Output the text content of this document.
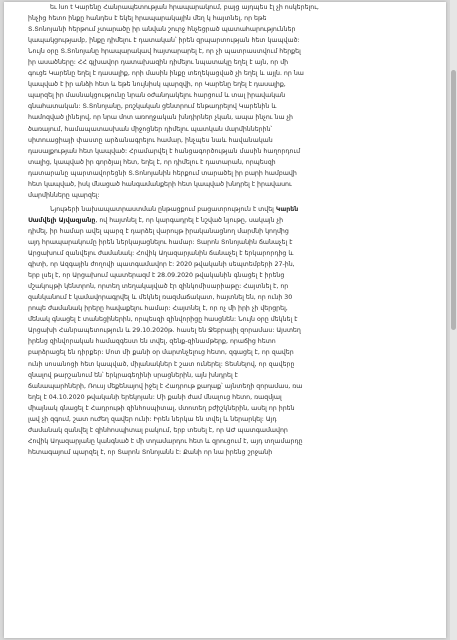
եւ lun t Կարենը Հանրապետության հրապարակում, բայց այդպես էլ չի ոսկերելու,
ինչից հետո ինքը հանդես է եկել հրապարակային մեղ կ հայտնել, որ եթե
Տ.Տոնոյանի հերթում չտարածը իր անվան շուրջ հնչեցրած պատահարություններ
կապակցությամբ, ինքը դիմելու է դատական՝ իրեն զրպարտության հետ կապված:
Նույն օրը Տ.Տոնոյանը հրապարակավ հայտարարել է, որ չի պատրաստվում հերքել
իր ասածները: ՀՀ գլխավոր դատախազին դիմելու նպատակը եղել է այն, որ մի
գուցե Կարենը եղել է դասալիք, որի մասին ինքը տեղեկացված չի եղել և այլն. որ նա
կապված է իր անձի հետ և եթե նույնիսկ պարզվի, որ Կարենը եղել է դասալիք,
պարզել իր մասնակցությունը նրան օժանդակելու հարցում և տալ իրավական
գնահատական: Տ.Տոնոյանը, բռշկական ցենտրում ենթադրելով Կարենին և
համոզված լինելով, որ նրա մոտ առողջական խնդիրներ չկան, ապա ինչու նա չի
ծառայում, համապատասխան միջոցներ դիմելու պատկան մարմիններին՝
սիտուացիայի փաստը արձանագրելու համար, ինչպես նաև հավանական
դասալքության հետ կապված: Հրամարվել է հանցագործության մասին հաղորդում
տալից, կապված իր գործյալ հետ, եղել է, որ դիմելու է դատարան, որպեսզի
դատարանը պարտավորեցնի Տ.Տոնոյանին հերքում տարածել իր բարի համբավի
հետ կապված, իսկ մնացած հանգամանքերի հետ կապված խնդրել է իրավասու
մարմինները պարզել:
Նյութերի նախապատրաստման ընթացքում բացատրություն է տվել Կարեն
Սամվելի Այվազյանը, ով հայտնել է, որ կարգադրել է նշված նյութը, սակայն չի
դիմել, իր համար ավել պարզ է դարձել վարույթ իրականացնող մարմնի կողմից
այդ հրապարակումը իրեն ներկայացնելու համար: Տարոն Տոնոյանին ճանաչել է
Արցախում զանվելու ժամանակ: Հովիկ Աղազարյանին ճանաչել է երկարորդից և
գիտի, որ Ազգային ժողովի պատգամավոր է: 2020 թվականի սեպտեմբերի 27-ին,
երբ լսել է, որ Արցախում պատերազմ է 28.09.2020 թվականին գնացել է իրենց
մշակույթի կենտրոն, որտեղ տեղակայված էր զինկոմիսարիաթը: Հայտնել է, որ
զանկանում է կամավորագրվել և մեկնել ռազմաճակատ, հայտնել են, որ ունի 30
րոպե ժամանակ իրերը հավաքելու համար: Հայտնել է, որ ոչ մի իրի չի վերցրել,
մենակ գնացել է տանեցիներին, որպեսզի զինվորիցը հասցնեն: Նույն օրը մեկնել է
Արցախի Հանրապետություն և 29.10.2020թ. հասել են Ջեբրայիլ զորամաս: Այստեղ
իրենց զինվորական համազգեստ են տվել, զենք-զինամթերք, որաճից հետո
բարձրացել են դիրքեր: Մոտ մի քանի օր մարտնչելուց հետո, զգացել է, որ զավեր
ունի սոսանոցի հետ կապված, միլանակներ է շատ ուներել: Տեսնելով, որ զավերը
զնալով թարշանում են՝ երկրագեղինի սրացներին, այն խնդրել է
ճանապարհների, Ռուսյ մեքենայով իջել է Հադրութ քաղաք՝ այնտեղի զորամաս, ռա
եղել է 04.10.2020 թվականի երեկոյան: Մի քանի ժամ մնալուց հետո, ռազմյալ
միայնակ գնացել է Հադրութի զինհոսպիտալ, մտոտեղ բժիշկներին, ասել որ իրեն
լավ չի զգում, շատ ուժեղ զավեր ունի: Իրեն ներկա են տվել և ներարկել: Այդ
ժամանակ զանվել է զինհոսպիտալ բակում, երբ տեսել է, որ ԱԺ պատգամավոր
Հովիկ Աղազարյանը կանգնած է մի տղամարդու հետ և զրուցում է, այդ տղամարդը
հետագայում պարզել է, որ Տարոն Տոնոյանն է: Քանի որ նա իրենց շրջանի
